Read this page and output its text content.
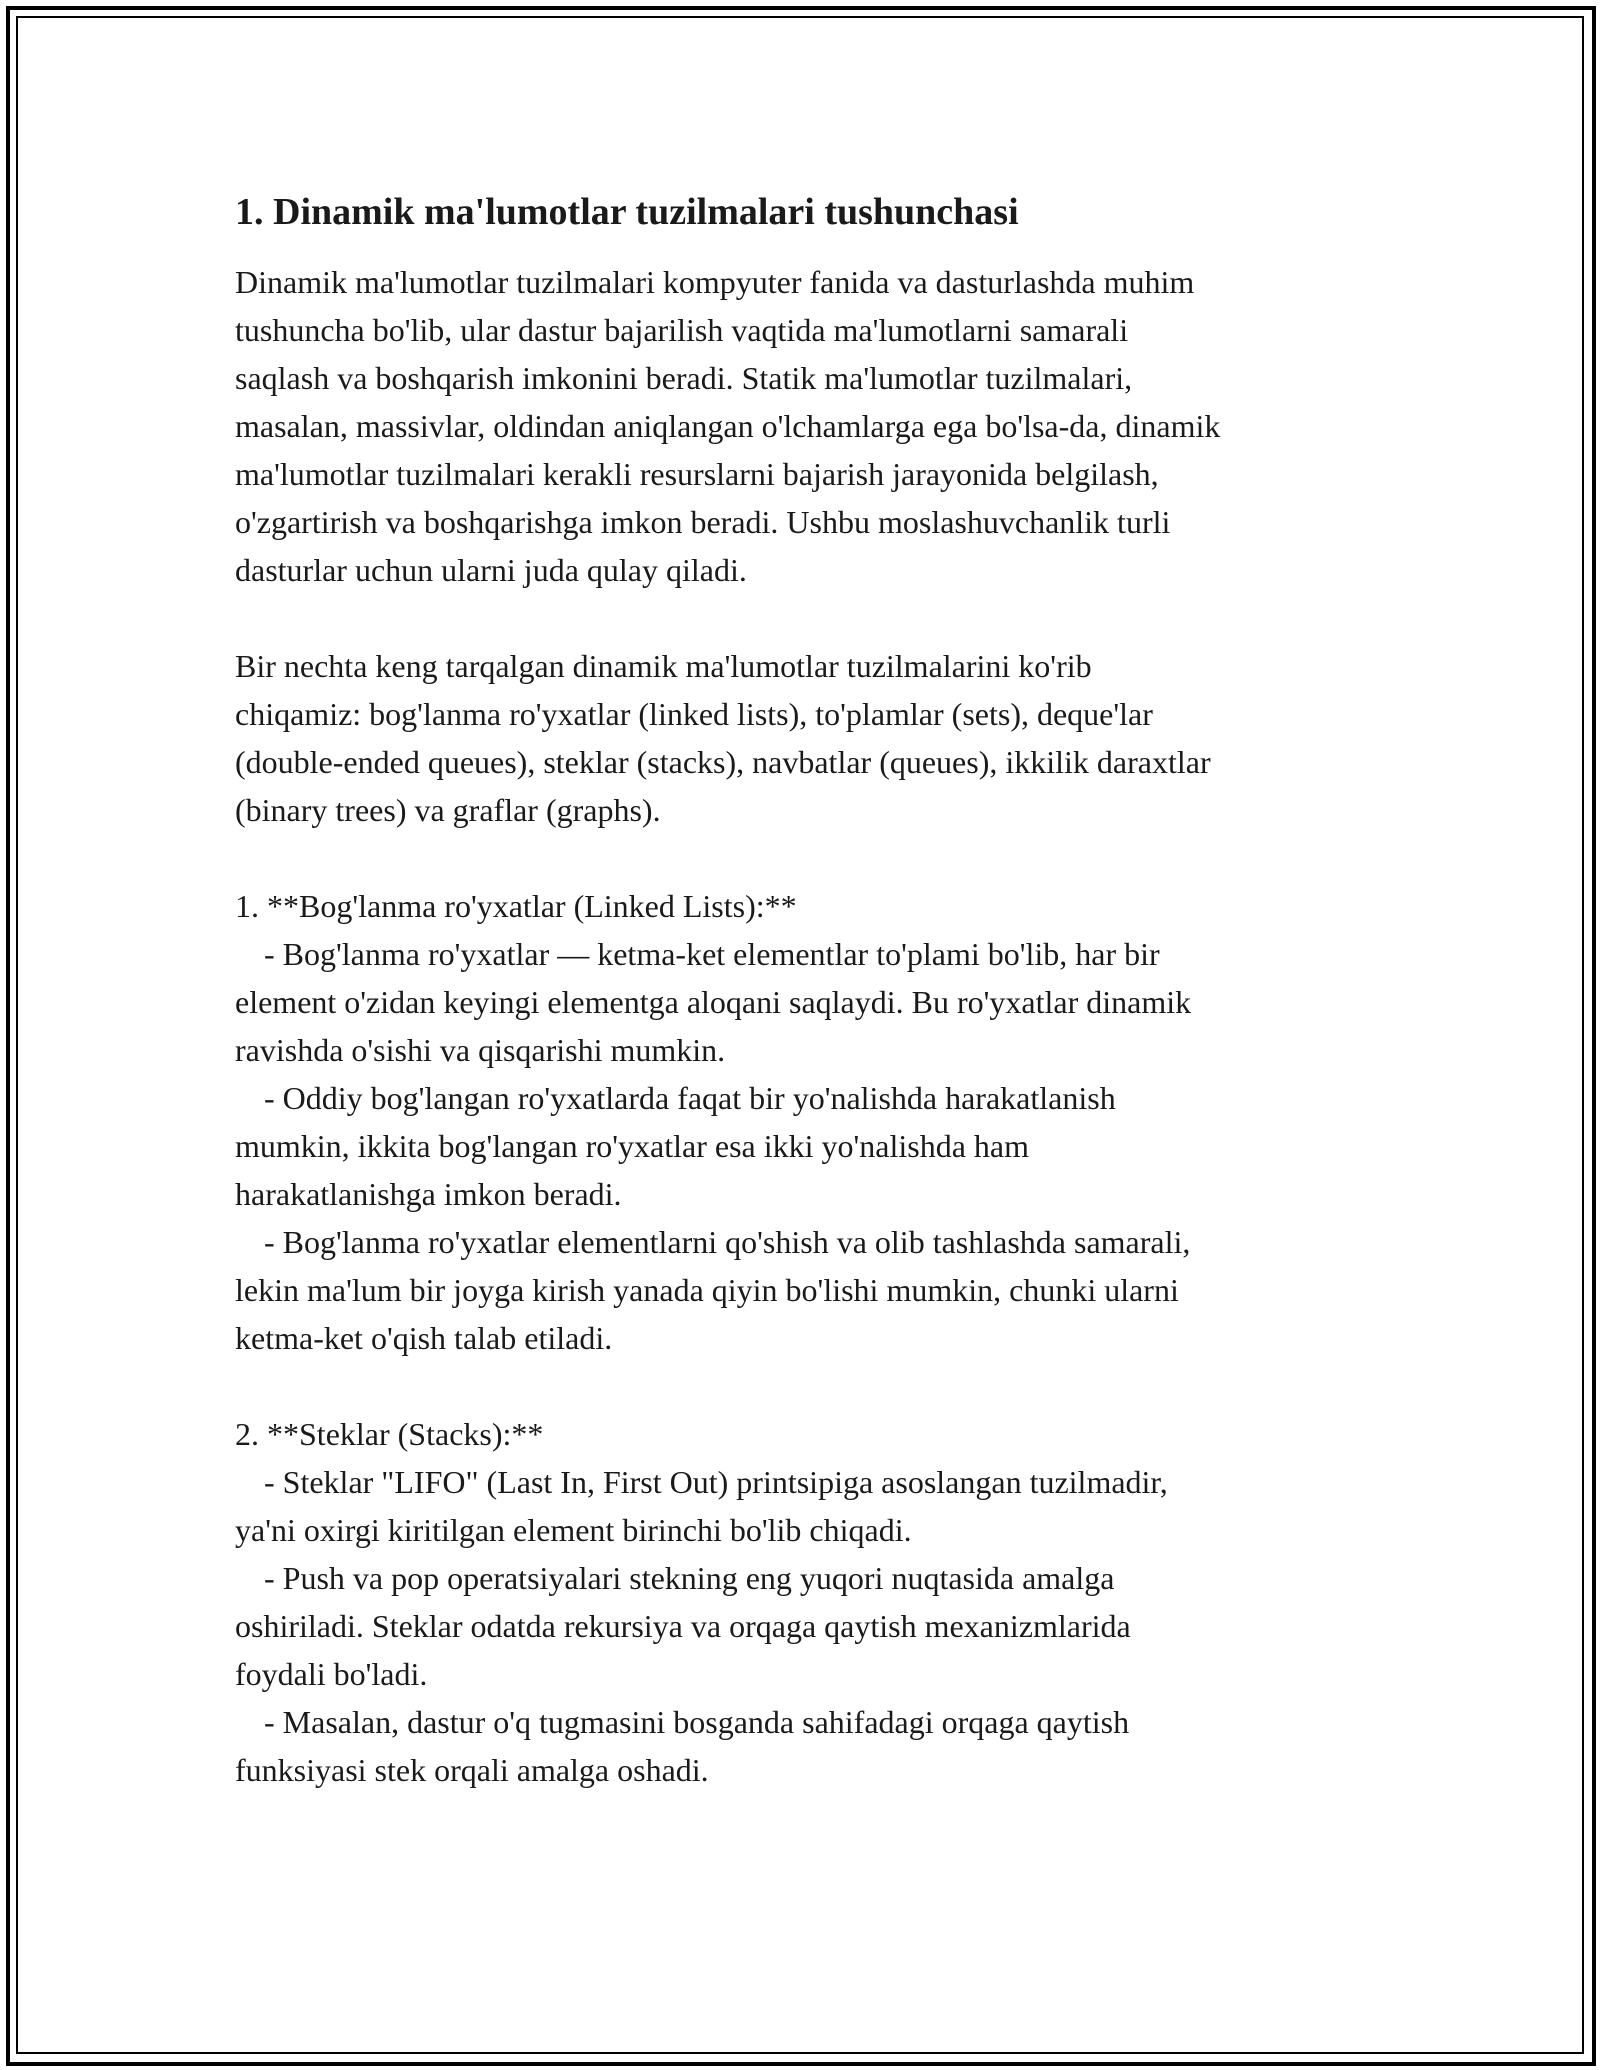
1. Dinamik ma'lumotlar tuzilmalari tushunchasi
Dinamik ma'lumotlar tuzilmalari kompyuter fanida va dasturlashda muhim
tushuncha bo'lib, ular dastur bajarilish vaqtida ma'lumotlarni samarali
saqlash va boshqarish imkonini beradi. Statik ma'lumotlar tuzilmalari,
masalan, massivlar, oldindan aniqlangan o'lchamlarga ega bo'lsa-da, dinamik
ma'lumotlar tuzilmalari kerakli resurslarni bajarish jarayonida belgilash,
o'zgartirish va boshqarishga imkon beradi. Ushbu moslashuvchanlik turli
dasturlar uchun ularni juda qulay qiladi.
Bir nechta keng tarqalgan dinamik ma'lumotlar tuzilmalarini ko'rib
chiqamiz: bog'lanma ro'yxatlar (linked lists), to'plamlar (sets), deque'lar
(double-ended queues), steklar (stacks), navbatlar (queues), ikkilik daraxtlar
(binary trees) va graflar (graphs).
1. **Bog'lanma ro'yxatlar (Linked Lists):**
- Bog'lanma ro'yxatlar — ketma-ket elementlar to'plami bo'lib, har bir
element o'zidan keyingi elementga aloqani saqlaydi. Bu ro'yxatlar dinamik
ravishda o'sishi va qisqarishi mumkin.
- Oddiy bog'langan ro'yxatlarda faqat bir yo'nalishda harakatlanish
mumkin, ikkita bog'langan ro'yxatlar esa ikki yo'nalishda ham
harakatlanishga imkon beradi.
- Bog'lanma ro'yxatlar elementlarni qo'shish va olib tashlashda samarali,
lekin ma'lum bir joyga kirish yanada qiyin bo'lishi mumkin, chunki ularni
ketma-ket o'qish talab etiladi.
2. **Steklar (Stacks):**
- Steklar "LIFO" (Last In, First Out) printsipiga asoslangan tuzilmadir,
ya'ni oxirgi kiritilgan element birinchi bo'lib chiqadi.
- Push va pop operatsiyalari stekning eng yuqori nuqtasida amalga
oshiriladi. Steklar odatda rekursiya va orqaga qaytish mexanizmlarida
foydali bo'ladi.
- Masalan, dastur o'q tugmasini bosganda sahifadagi orqaga qaytish
funksiyasi stek orqali amalga oshadi.
